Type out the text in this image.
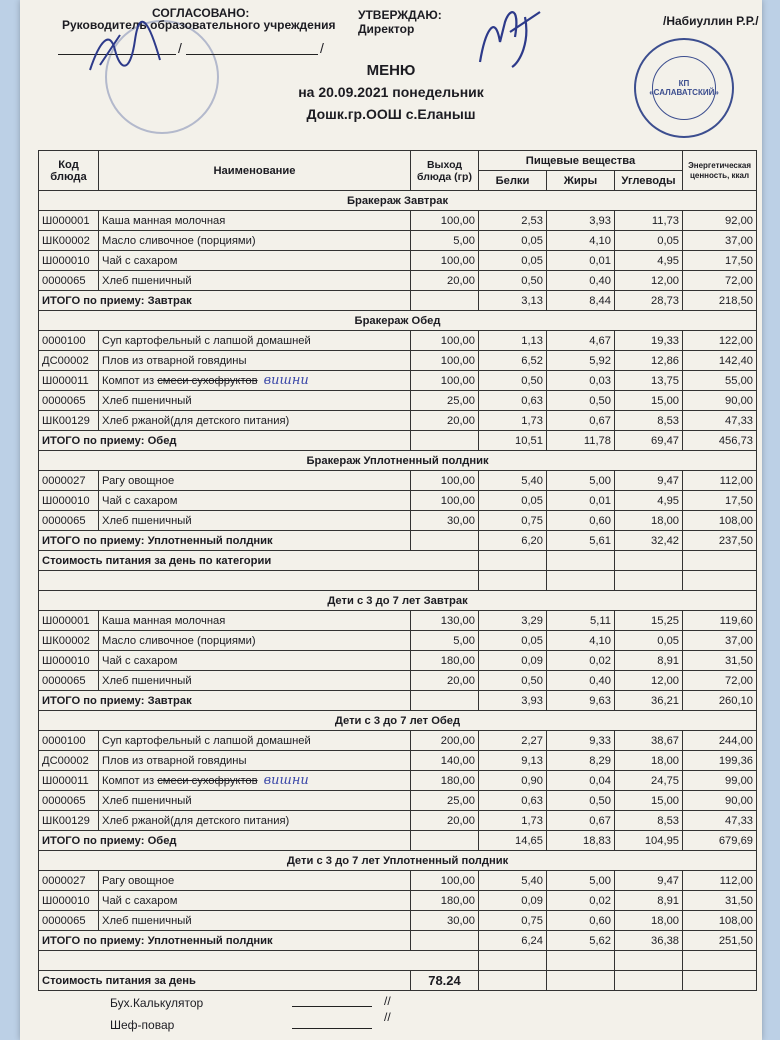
СОГЛАСОВАНО:
Руководитель образовательного учреждения
/	/
УТВЕРЖДАЮ:
Директор
/Набиуллин Р.Р./
КП
«САЛАВАТСКИЙ»
МЕНЮ
на 20.09.2021 понедельник
Дошк.гр.ООШ с.Еланыш
Код блюда	Наименование	Выход блюда (гр)	Пищевые вещества			Энергетическая ценность, ккал
			Белки	Жиры	Углеводы	
Бракераж Завтрак						
Ш000001	Каша манная молочная	100,00	2,53	3,93	11,73	92,00
ШК00002	Масло сливочное (порциями)	5,00	0,05	4,10	0,05	37,00
Ш000010	Чай с сахаром	100,00	0,05	0,01	4,95	17,50
0000065	Хлеб пшеничный	20,00	0,50	0,40	12,00	72,00
ИТОГО по приему: Завтрак			3,13	8,44	28,73	218,50
Бракераж Обед						
0000100	Суп картофельный с лапшой домашней	100,00	1,13	4,67	19,33	122,00
ДС00002	Плов из отварной говядины	100,00	6,52	5,92	12,86	142,40
Ш000011	Компот из смеси сухофруктов вишни	100,00	0,50	0,03	13,75	55,00
0000065	Хлеб пшеничный	25,00	0,63	0,50	15,00	90,00
ШК00129	Хлеб ржаной(для детского питания)	20,00	1,73	0,67	8,53	47,33
ИТОГО по приему: Обед			10,51	11,78	69,47	456,73
Бракераж Уплотненный полдник						
0000027	Рагу овощное	100,00	5,40	5,00	9,47	112,00
Ш000010	Чай с сахаром	100,00	0,05	0,01	4,95	17,50
0000065	Хлеб пшеничный	30,00	0,75	0,60	18,00	108,00
ИТОГО по приему: Уплотненный полдник			6,20	5,61	32,42	237,50
Стоимость питания за день по категории						

Дети с 3 до 7 лет Завтрак						
Ш000001	Каша манная молочная	130,00	3,29	5,11	15,25	119,60
ШК00002	Масло сливочное (порциями)	5,00	0,05	4,10	0,05	37,00
Ш000010	Чай с сахаром	180,00	0,09	0,02	8,91	31,50
0000065	Хлеб пшеничный	20,00	0,50	0,40	12,00	72,00
ИТОГО по приему: Завтрак			3,93	9,63	36,21	260,10
Дети с 3 до 7 лет Обед						
0000100	Суп картофельный с лапшой домашней	200,00	2,27	9,33	38,67	244,00
ДС00002	Плов из отварной говядины	140,00	9,13	8,29	18,00	199,36
Ш000011	Компот из смеси сухофруктов вишни	180,00	0,90	0,04	24,75	99,00
0000065	Хлеб пшеничный	25,00	0,63	0,50	15,00	90,00
ШК00129	Хлеб ржаной(для детского питания)	20,00	1,73	0,67	8,53	47,33
ИТОГО по приему: Обед			14,65	18,83	104,95	679,69
Дети с 3 до 7 лет Уплотненный полдник						
0000027	Рагу овощное	100,00	5,40	5,00	9,47	112,00
Ш000010	Чай с сахаром	180,00	0,09	0,02	8,91	31,50
0000065	Хлеб пшеничный	30,00	0,75	0,60	18,00	108,00
ИТОГО по приему: Уплотненный полдник			6,24	5,62	36,38	251,50

Стоимость питания за день		78.24				
Бух.Калькулятор	//
Шеф-повар
//
